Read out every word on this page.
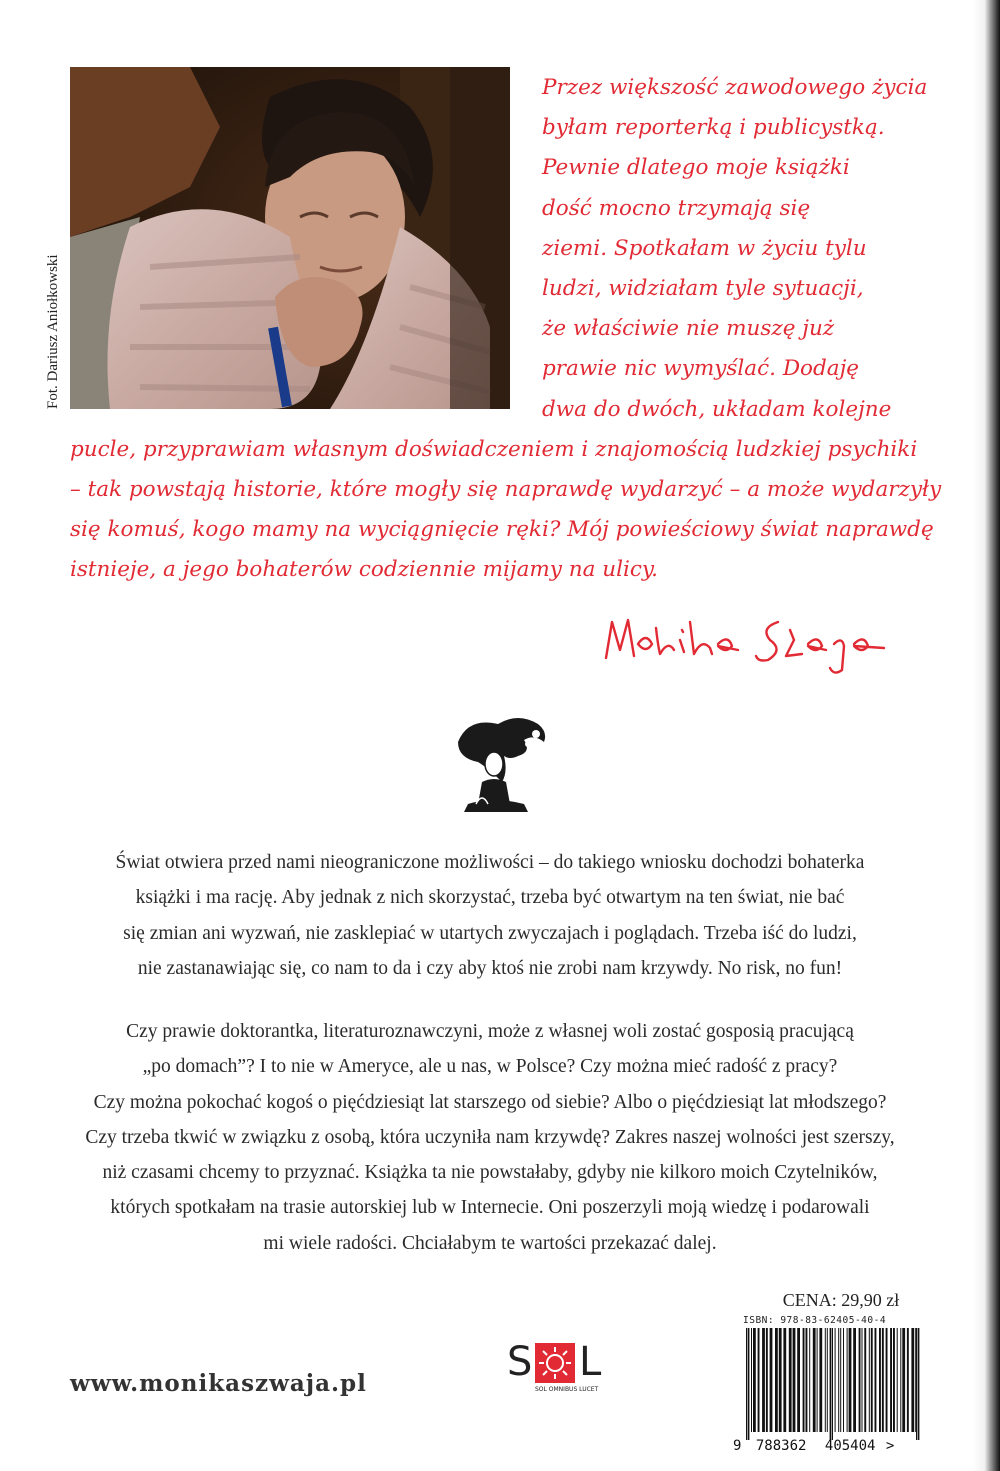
Fot. Dariusz Aniołkowski
Przez większość zawodowego życia
byłam reporterką i publicystką.
Pewnie dlatego moje książki
dość mocno trzymają się
ziemi. Spotkałam w życiu tylu
ludzi, widziałam tyle sytuacji,
że właściwie nie muszę już
prawie nic wymyślać. Dodaję
dwa do dwóch, układam kolejne
pucle, przyprawiam własnym doświadczeniem i znajomością ludzkiej psychiki
– tak powstają historie, które mogły się naprawdę wydarzyć – a może wydarzyły
się komuś, kogo mamy na wyciągnięcie ręki? Mój powieściowy świat naprawdę
istnieje, a jego bohaterów codziennie mijamy na ulicy.
Świat otwiera przed nami nieograniczone możliwości – do takiego wniosku dochodzi bohaterka
książki i ma rację. Aby jednak z nich skorzystać, trzeba być otwartym na ten świat, nie bać
się zmian ani wyzwań, nie zasklepiać w utartych zwyczajach i poglądach. Trzeba iść do ludzi,
nie zastanawiając się, co nam to da i czy aby ktoś nie zrobi nam krzywdy. No risk, no fun!
Czy prawie doktorantka, literaturoznawczyni, może z własnej woli zostać gosposią pracującą
„po domach”? I to nie w Ameryce, ale u nas, w Polsce? Czy można mieć radość z pracy?
Czy można pokochać kogoś o pięćdziesiąt lat starszego od siebie? Albo o pięćdziesiąt lat młodszego?
Czy trzeba tkwić w związku z osobą, która uczyniła nam krzywdę? Zakres naszej wolności jest szerszy,
niż czasami chcemy to przyznać. Książka ta nie powstałaby, gdyby nie kilkoro moich Czytelników,
których spotkałam na trasie autorskiej lub w Internecie. Oni poszerzyli moją wiedzę i podarowali
mi wiele radości. Chciałabym te wartości przekazać dalej.
CENA: 29,90 zł
ISBN: 978-83-62405-40-4
9 788362 405404 >
www.monikaszwaja.pl	S L
SOL OMNIBUS LUCET
